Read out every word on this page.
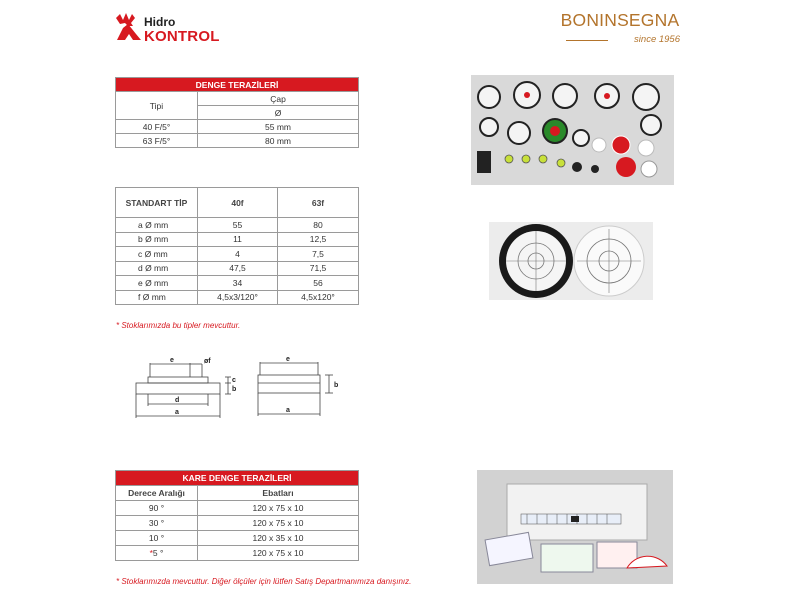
Hidro
KONTROL
BONINSEGNA
since 1956
DENGE TERAZİLERİ	
Tipi	Çap
	Ø
40 F/5°	55 mm
63 F/5°	80 mm
STANDART TİP	40f	63f
a Ø mm	55	80
b Ø mm	11	12,5
c Ø mm	4	7,5
d Ø mm	47,5	71,5
e Ø mm	34	56
f Ø mm	4,5x3/120°	4,5x120°
* Stoklarımızda bu tipler mevcuttur.
e	øf
c
b
d
a
e
b
a
KARE DENGE TERAZİLERİ	
Derece Aralığı	Ebatları
90 °	120 x 75 x 10
30 °	120 x 75 x 10
10 °	120 x 35 x 10
*5 °	120 x 75 x 10
* Stoklarımızda mevcuttur. Diğer ölçüler için lütfen Satış Departmanımıza danışınız.
